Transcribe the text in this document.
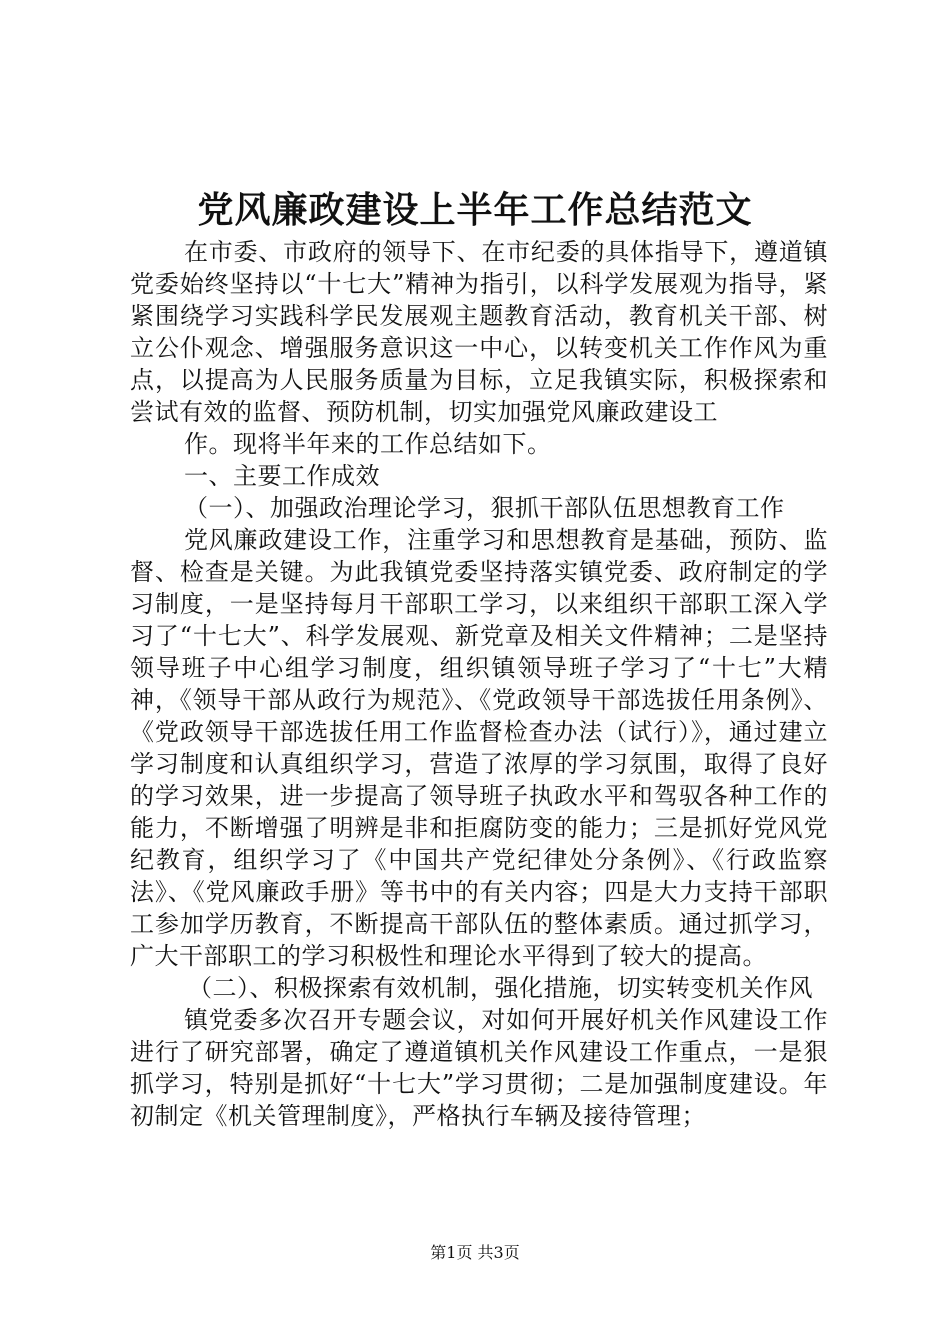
党风廉政建设上半年工作总结范文

在市委、市政府的领导下、在市纪委的具体指导下，遵道镇党委始终坚持以“十七大”精神为指引，以科学发展观为指导，紧紧围绕学习实践科学民发展观主题教育活动，教育机关干部、树立公仆观念、增强服务意识这一中心，以转变机关工作作风为重点，以提高为人民服务质量为目标，立足我镇实际，积极探索和尝试有效的监督、预防机制，切实加强党风廉政建设工

作。现将半年来的工作总结如下。

一、主要工作成效

（一）、加强政治理论学习，狠抓干部队伍思想教育工作

党风廉政建设工作，注重学习和思想教育是基础，预防、监督、检查是关键。为此我镇党委坚持落实镇党委、政府制定的学习制度，一是坚持每月干部职工学习，以来组织干部职工深入学习了“十七大”、科学发展观、新党章及相关文件精神；二是坚持领导班子中心组学习制度，组织镇领导班子学习了“十七”大精神，《领导干部从政行为规范》、《党政领导干部选拔任用条例》、《党政领导干部选拔任用工作监督检查办法（试行）》，通过建立学习制度和认真组织学习，营造了浓厚的学习氛围，取得了良好的学习效果，进一步提高了领导班子执政水平和驾驭各种工作的能力，不断增强了明辨是非和拒腐防变的能力；三是抓好党风党纪教育，组织学习了《中国共产党纪律处分条例》、《行政监察法》、《党风廉政手册》等书中的有关内容；四是大力支持干部职工参加学历教育，不断提高干部队伍的整体素质。通过抓学习，广大干部职工的学习积极性和理论水平得到了较大的提高。

（二）、积极探索有效机制，强化措施，切实转变机关作风

镇党委多次召开专题会议，对如何开展好机关作风建设工作进行了研究部署，确定了遵道镇机关作风建设工作重点，一是狠抓学习，特别是抓好“十七大”学习贯彻；二是加强制度建设。年初制定《机关管理制度》，严格执行车辆及接待管理；

第1页 共3页
